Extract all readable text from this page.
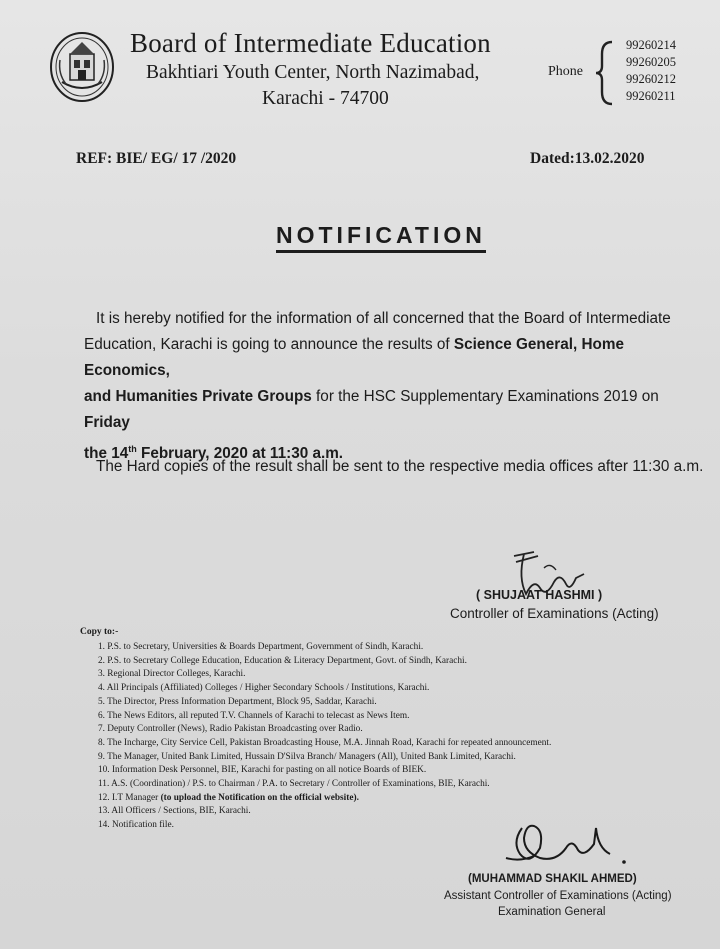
Board of Intermediate Education
Bakhtiari Youth Center, North Nazimabad,
Karachi - 74700
Phone
99260214
99260205
99260212
99260211
REF: BIE/ EG/ 17 /2020	Dated:13.02.2020
NOTIFICATION
It is hereby notified for the information of all concerned that the Board of Intermediate
Education, Karachi is going to announce the results of Science General, Home Economics,
and Humanities Private Groups for the HSC Supplementary Examinations 2019 on Friday
the 14th February, 2020 at 11:30 a.m.
The Hard copies of the result shall be sent to the respective media offices after 11:30 a.m.
( SHUJAAT HASHMI )
Controller of Examinations (Acting)
Copy to:-
1. P.S. to Secretary, Universities & Boards Department, Government of Sindh, Karachi.
2. P.S. to Secretary College Education, Education & Literacy Department, Govt. of Sindh, Karachi.
3. Regional Director Colleges, Karachi.
4. All Principals (Affiliated) Colleges / Higher Secondary Schools / Institutions, Karachi.
5. The Director, Press Information Department, Block 95, Saddar, Karachi.
6. The News Editors, all reputed T.V. Channels of Karachi to telecast as News Item.
7. Deputy Controller (News), Radio Pakistan Broadcasting over Radio.
8. The Incharge, City Service Cell, Pakistan Broadcasting House, M.A. Jinnah Road, Karachi for repeated announcement.
9. The Manager, United Bank Limited, Hussain D'Silva Branch/ Managers (All), United Bank Limited, Karachi.
10. Information Desk Personnel, BIE, Karachi for pasting on all notice Boards of BIEK.
11. A.S. (Coordination) / P.S. to Chairman / P.A. to Secretary / Controller of Examinations, BIE, Karachi.
12. I.T Manager (to upload the Notification on the official website).
13. All Officers / Sections, BIE, Karachi.
14. Notification file.
(MUHAMMAD SHAKIL AHMED)
Assistant Controller of Examinations (Acting)
Examination General
